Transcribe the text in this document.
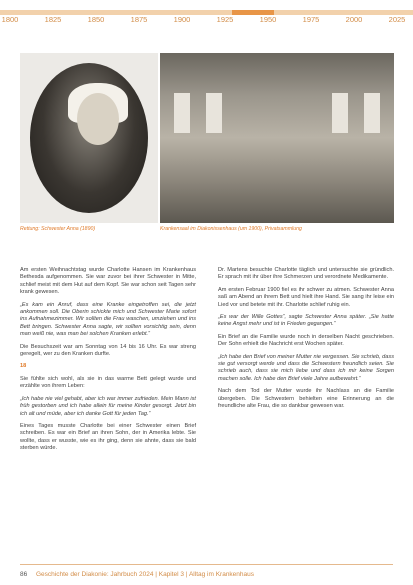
1800	1825	1850	1875	1900	1925	1950	1975	2000	2025
Rettung: Schwester Anna (1890)	Krankensaal im Diakonissenhaus (um 1900), Privatsammlung

Am ersten Weihnachtstag wurde Charlotte Hansen im Krankenhaus Bethesda aufgenommen. Sie war zuvor bei ihrer Schwester in Mitte, schlief meist mit dem Hut auf dem Kopf. Sie war schon seit Tagen sehr krank gewesen.

„Es kam ein Anruf, dass eine Kranke eingetroffen sei, die jetzt ankommen soll. Die Oberin schickte mich und Schwester Marie sofort ins Aufnahmezimmer. Wir sollten die Frau waschen, umziehen und ins Bett bringen. Schwester Anna sagte, wir sollten vorsichtig sein, denn man weiß nie, was man bei solchen Kranken erlebt.“

Die Besuchszeit war am Sonntag von 14 bis 16 Uhr. Es war streng geregelt, wer zu den Kranken durfte.

18

Sie fühlte sich wohl, als sie in das warme Bett gelegt wurde und erzählte von ihrem Leben:

„Ich habe nie viel gehabt, aber ich war immer zufrieden. Mein Mann ist früh gestorben und ich habe allein für meine Kinder gesorgt. Jetzt bin ich alt und müde, aber ich danke Gott für jeden Tag.“

Eines Tages musste Charlotte bei einer Schwester einen Brief schreiben. Es war ein Brief an ihren Sohn, der in Amerika lebte. Sie wollte, dass er wusste, wie es ihr ging, denn sie ahnte, dass sie bald sterben würde.

Dr. Martens besuchte Charlotte täglich und untersuchte sie gründlich. Er sprach mit ihr über ihre Schmerzen und verordnete Medikamente.

Am ersten Februar 1900 fiel es ihr schwer zu atmen. Schwester Anna saß am Abend an ihrem Bett und hielt ihre Hand. Sie sang ihr leise ein Lied vor und betete mit ihr. Charlotte schlief ruhig ein.

„Es war der Wille Gottes“, sagte Schwester Anna später. „Sie hatte keine Angst mehr und ist in Frieden gegangen.“

Ein Brief an die Familie wurde noch in derselben Nacht geschrieben. Der Sohn erhielt die Nachricht erst Wochen später.

„Ich habe den Brief von meiner Mutter nie vergessen. Sie schrieb, dass sie gut versorgt werde und dass die Schwestern freundlich seien. Sie schrieb auch, dass sie mich liebe und dass ich mir keine Sorgen machen solle. Ich habe den Brief viele Jahre aufbewahrt.“

Nach dem Tod der Mutter wurde ihr Nachlass an die Familie übergeben. Die Schwestern behielten eine Erinnerung an die freundliche alte Frau, die so dankbar gewesen war.

86 Geschichte der Diakonie: Jahrbuch 2024 | Kapitel 3 | Alltag im Krankenhaus
